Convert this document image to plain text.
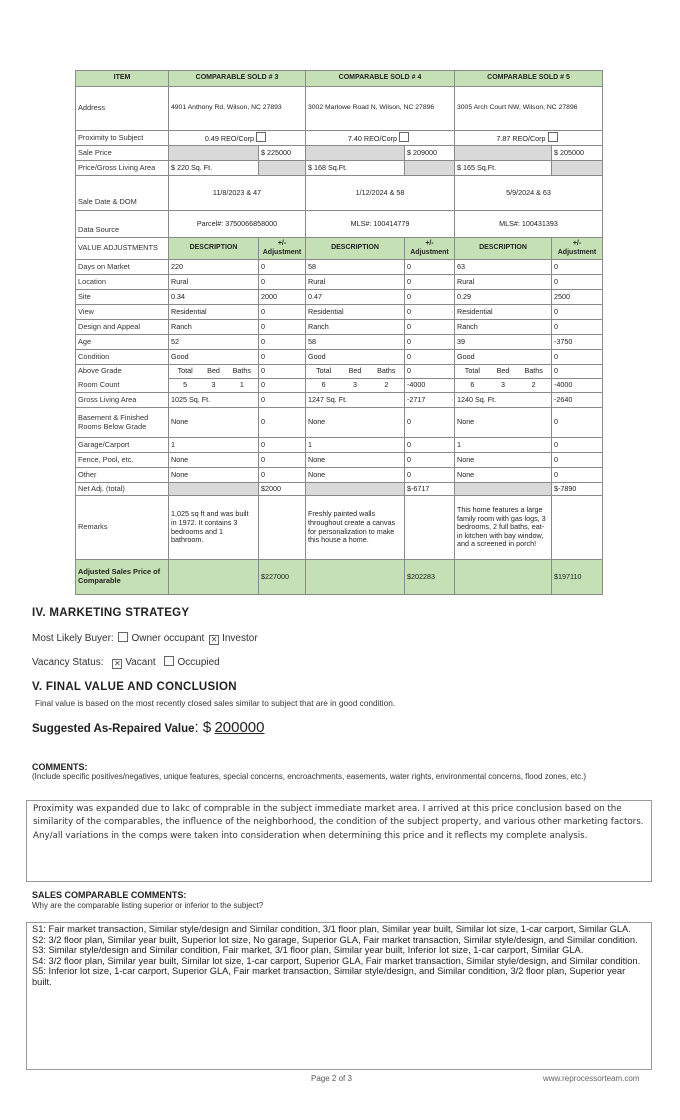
ITEM	COMPARABLE SOLD # 3		COMPARABLE SOLD # 4		COMPARABLE SOLD # 5	
Address	4901 Anthony Rd, Wilson, NC 27893		3002 Marlowe Road N, Wilson, NC 27896		3005 Arch Court NW, Wilson, NC 27896	
Proximity to Subject	0.49 REO/Corp		7.40 REO/Corp		7.87 REO/Corp	
Sale Price		$ 225000		$ 209000		$ 205000
Price/Gross Living Area	$ 220 Sq. Ft.		$ 168 Sq.Ft.		$ 165 Sq.Ft.	
Sale Date & DOM	11/8/2023 & 47		1/12/2024 & 58		5/9/2024 & 63	
Data Source	Parcel#: 3750066858000		MLS#: 100414779		MLS#: 100431393	
VALUE ADJUSTMENTS	DESCRIPTION	+/- Adjustment	DESCRIPTION	+/- Adjustment	DESCRIPTION	+/- Adjustment
Days on Market	220	0	58	0	63	0
Location	Rural	0	Rural	0	Rural	0
Site	0.34	2000	0.47	0	0.29	2500
View	Residential	0	Residential	0	Residential	0
Design and Appeal	Ranch	0	Ranch	0	Ranch	0
Age	52	0	58	0	39	-3750
Condition	Good	0	Good	0	Good	0
Above Grade	Total Bed Baths	0	Total Bed Baths	0	Total Bed Baths	0
Room Count	5 3 1	0	6 3 2	-4000	6 3 2	-4000
Gross Living Area	1025 Sq. Ft.	0	1247 Sq. Ft.	-2717	1240 Sq. Ft.	-2640
Basement & Finished Rooms Below Grade	None	0	None	0	None	0
Garage/Carport	1	0	1	0	1	0
Fence, Pool, etc.	None	0	None	0	None	0
Other	None	0	None	0	None	0
Net Adj. (total)		$2000		$-6717		$-7890
Remarks	1,025 sq ft and was built in 1972. It contains 3 bedrooms and 1 bathroom.		Freshly painted walls throughout create a canvas for personalization to make this house a home.		This home features a large family room with gas logs, 3 bedrooms, 2 full baths, eat-in kitchen with bay window, and a screened in porch!	
Adjusted Sales Price of Comparable		$227000		$202283		$197110
IV. MARKETING STRATEGY
Most Likely Buyer: Owner occupant ✕ Investor
Vacancy Status: ✕ Vacant Occupied
V. FINAL VALUE AND CONCLUSION
Final value is based on the most recently closed sales similar to subject that are in good condition.
Suggested As-Repaired Value: $ 200000
COMMENTS:
(Include specific positives/negatives, unique features, special concerns, encroachments, easements, water rights, environmental concerns, flood zones, etc.)
Proximity was expanded due to lakc of comprable in the subject immediate market area. I arrived at this price conclusion based on the similarity of the comparables, the influence of the neighborhood, the condition of the subject property, and various other marketing factors. Any/all variations in the comps were taken into consideration when determining this price and it reflects my complete analysis.
SALES COMPARABLE COMMENTS:
Why are the comparable listing superior or inferior to the subject?
S1: Fair market transaction, Similar style/design and Similar condition, 3/1 floor plan, Similar year built, Similar lot size, 1-car carport, Similar GLA.
S2: 3/2 floor plan, Similar year built, Superior lot size, No garage, Superior GLA, Fair market transaction, Similar style/design, and Similar condition.
S3: Similar style/design and Similar condition, Fair market, 3/1 floor plan, Similar year built, Inferior lot size, 1-car carport, Similar GLA.
S4: 3/2 floor plan, Similar year built, Similar lot size, 1-car carport, Superior GLA, Fair market transaction, Similar style/design, and Similar condition.
S5: Inferior lot size, 1-car carport, Superior GLA, Fair market transaction, Similar style/design, and Similar condition, 3/2 floor plan, Superior year built.
Page 2 of 3	www.reprocessorteam.com
